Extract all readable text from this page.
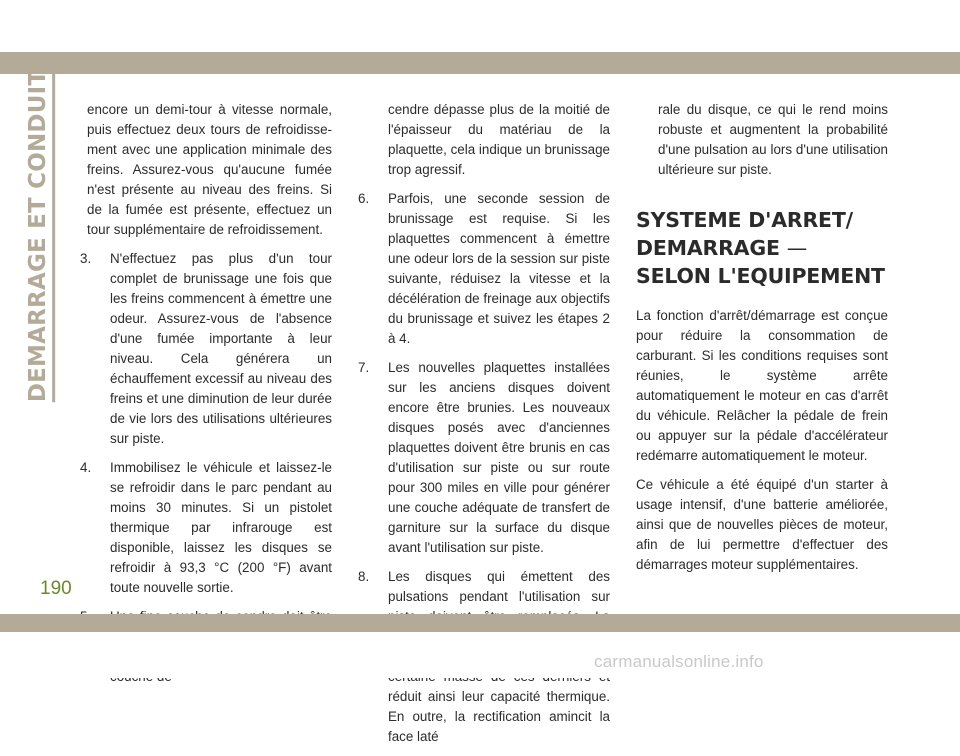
DEMARRAGE ET CONDUITE	encore un demi-tour à vitesse normale, puis effectuez deux tours de refroidissement avec une application minimale des freins. Assurez-vous qu'aucune fumée n'est présente au niveau des freins. Si de la fumée est présente, effectuez un tour supplémentaire de refroidissement.

3. N'effectuez pas plus d'un tour complet de brunissage une fois que les freins commencent à émettre une odeur. Assurez-vous de l'absence d'une fumée importante à leur niveau. Cela générera un échauffement excessif au niveau des freins et une diminution de leur durée de vie lors des utilisations ultérieures sur piste.
4. Immobilisez le véhicule et laissez-le se refroidir dans le parc pendant au moins 30 minutes. Si un pistolet thermique par infrarouge est disponible, laissez les disques se refroidir à 93,3 °C (200 °F) avant toute nouvelle sortie.

cendre dépasse plus de la moitié de l'épaisseur du matériau de la plaquette, cela indique un brunissage trop agressif.

6. Parfois, une seconde session de brunissage est requise. Si les plaquettes commencent à émettre une odeur lors de la session sur piste suivante, réduisez la vitesse et la décélération de freinage aux objectifs du brunissage et suivez les étapes 2 à 4.
7. Les nouvelles plaquettes installées sur les anciens disques doivent encore être brunies. Les nouveaux disques posés avec d'anciennes plaquettes doivent être brunis en cas d'utilisation sur piste ou sur route pour 300 miles en ville pour générer une couche adéquate de transfert de garniture sur la surface du disque avant l'utilisation sur piste.
8. Les disques qui émettent des pulsations pendant l'utilisation sur réduit ainsi leur capacité thermique. En outre, la rectification amincit la face laté

rale du disque, ce qui le rend moins robuste et augmentent la probabilité d'une pulsation au lors d'une utilisation ultérieure sur piste.

SYSTEME D'ARRET/
DEMARRAGE —
SELON L'EQUIPEMENT

La fonction d'arrêt/démarrage est conçue pour réduire la consommation de carburant. Si les conditions requises sont réunies, le système arrête automatiquement le moteur en cas d'arrêt du véhicule. Relâcher la pédale de frein ou appuyer sur la pédale d'accélérateur redémarre automatiquement le moteur.

Ce véhicule a été équipé d'un starter à usage intensif, d'une batterie améliorée, ainsi que de nouvelles pièces de moteur, afin de lui permettre d'effectuer des démarrages moteur supplémentaires.

190
carmanualsonline.info
